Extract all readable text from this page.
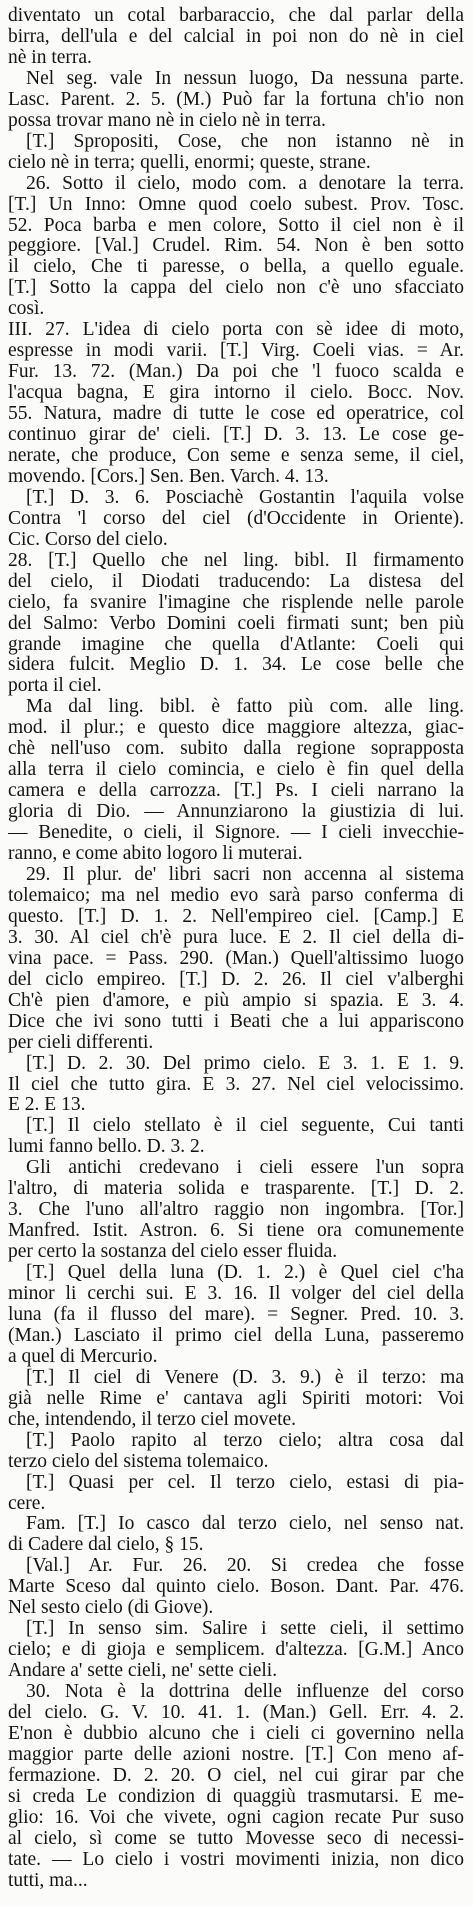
diventato un cotal barbaraccio, che dal parlar della

birra, dell'ula e del calcial in poi non do nè in ciel

nè in terra.

Nel seg. vale In nessun luogo, Da nessuna parte.

Lasc. Parent. 2. 5. (M.) Può far la fortuna ch'io non

possa trovar mano nè in cielo nè in terra.

[T.] Spropositi, Cose, che non istanno nè in

cielo nè in terra; quelli, enormi; queste, strane.

26. Sotto il cielo, modo com. a denotare la terra.

[T.] Un Inno: Omne quod coelo subest. Prov. Tosc.

52. Poca barba e men colore, Sotto il ciel non è il

peggiore. [Val.] Crudel. Rim. 54. Non è ben sotto

il cielo, Che ti paresse, o bella, a quello eguale.

[T.] Sotto la cappa del cielo non c'è uno sfacciato

così.

III. 27. L'idea di cielo porta con sè idee di moto,

espresse in modi varii. [T.] Virg. Coeli vias. = Ar.

Fur. 13. 72. (Man.) Da poi che 'l fuoco scalda e

l'acqua bagna, E gira intorno il cielo. Bocc. Nov.

55. Natura, madre di tutte le cose ed operatrice, col

continuo girar de' cieli. [T.] D. 3. 13. Le cose ge-

nerate, che produce, Con seme e senza seme, il ciel,

movendo. [Cors.] Sen. Ben. Varch. 4. 13.

[T.] D. 3. 6. Posciachè Gostantin l'aquila volse

Contra 'l corso del ciel (d'Occidente in Oriente).

Cic. Corso del cielo.

28. [T.] Quello che nel ling. bibl. Il firmamento

del cielo, il Diodati traducendo: La distesa del

cielo, fa svanire l'imagine che risplende nelle parole

del Salmo: Verbo Domini coeli firmati sunt; ben più

grande imagine che quella d'Atlante: Coeli qui

sidera fulcit. Meglio D. 1. 34. Le cose belle che

porta il ciel.

Ma dal ling. bibl. è fatto più com. alle ling.

mod. il plur.; e questo dice maggiore altezza, giac-

chè nell'uso com. subito dalla regione soprapposta

alla terra il cielo comincia, e cielo è fin quel della

camera e della carrozza. [T.] Ps. I cieli narrano la

gloria di Dio. — Annunziarono la giustizia di lui.

— Benedite, o cieli, il Signore. — I cieli invecchie-

ranno, e come abito logoro li muterai.

29. Il plur. de' libri sacri non accenna al sistema

tolemaico; ma nel medio evo sarà parso conferma di

questo. [T.] D. 1. 2. Nell'empireo ciel. [Camp.] E

3. 30. Al ciel ch'è pura luce. E 2. Il ciel della di-

vina pace. = Pass. 290. (Man.) Quell'altissimo luogo

del ciclo empireo. [T.] D. 2. 26. Il ciel v'alberghi

Ch'è pien d'amore, e più ampio si spazia. E 3. 4.

Dice che ivi sono tutti i Beati che a lui appariscono

per cieli differenti.

[T.] D. 2. 30. Del primo cielo. E 3. 1. E 1. 9.

Il ciel che tutto gira. E 3. 27. Nel ciel velocissimo.

E 2. E 13.

[T.] Il cielo stellato è il ciel seguente, Cui tanti

lumi fanno bello. D. 3. 2.

Gli antichi credevano i cieli essere l'un sopra

l'altro, di materia solida e trasparente. [T.] D. 2.

3. Che l'uno all'altro raggio non ingombra. [Tor.]

Manfred. Istit. Astron. 6. Si tiene ora comunemente

per certo la sostanza del cielo esser fluida.

[T.] Quel della luna (D. 1. 2.) è Quel ciel c'ha

minor li cerchi sui. E 3. 16. Il volger del ciel della

luna (fa il flusso del mare). = Segner. Pred. 10. 3.

(Man.) Lasciato il primo ciel della Luna, passeremo

a quel di Mercurio.

[T.] Il ciel di Venere (D. 3. 9.) è il terzo: ma

già nelle Rime e' cantava agli Spiriti motori: Voi

che, intendendo, il terzo ciel movete.

[T.] Paolo rapito al terzo cielo; altra cosa dal

terzo cielo del sistema tolemaico.

[T.] Quasi per cel. Il terzo cielo, estasi di pia-

cere.

Fam. [T.] Io casco dal terzo cielo, nel senso nat.

di Cadere dal cielo, § 15.

[Val.] Ar. Fur. 26. 20. Si credea che fosse

Marte Sceso dal quinto cielo. Boson. Dant. Par. 476.

Nel sesto cielo (di Giove).

[T.] In senso sim. Salire i sette cieli, il settimo

cielo; e di gioja e semplicem. d'altezza. [G.M.] Anco

Andare a' sette cieli, ne' sette cieli.

30. Nota è la dottrina delle influenze del corso

del cielo. G. V. 10. 41. 1. (Man.) Gell. Err. 4. 2.

E'non è dubbio alcuno che i cieli ci governino nella

maggior parte delle azioni nostre. [T.] Con meno af-

fermazione. D. 2. 20. O ciel, nel cui girar par che

si creda Le condizion di quaggiù trasmutarsi. E me-

glio: 16. Voi che vivete, ogni cagion recate Pur suso

al cielo, sì come se tutto Movesse seco di necessi-

tate. — Lo cielo i vostri movimenti inizia, non dico

tutti, ma...
